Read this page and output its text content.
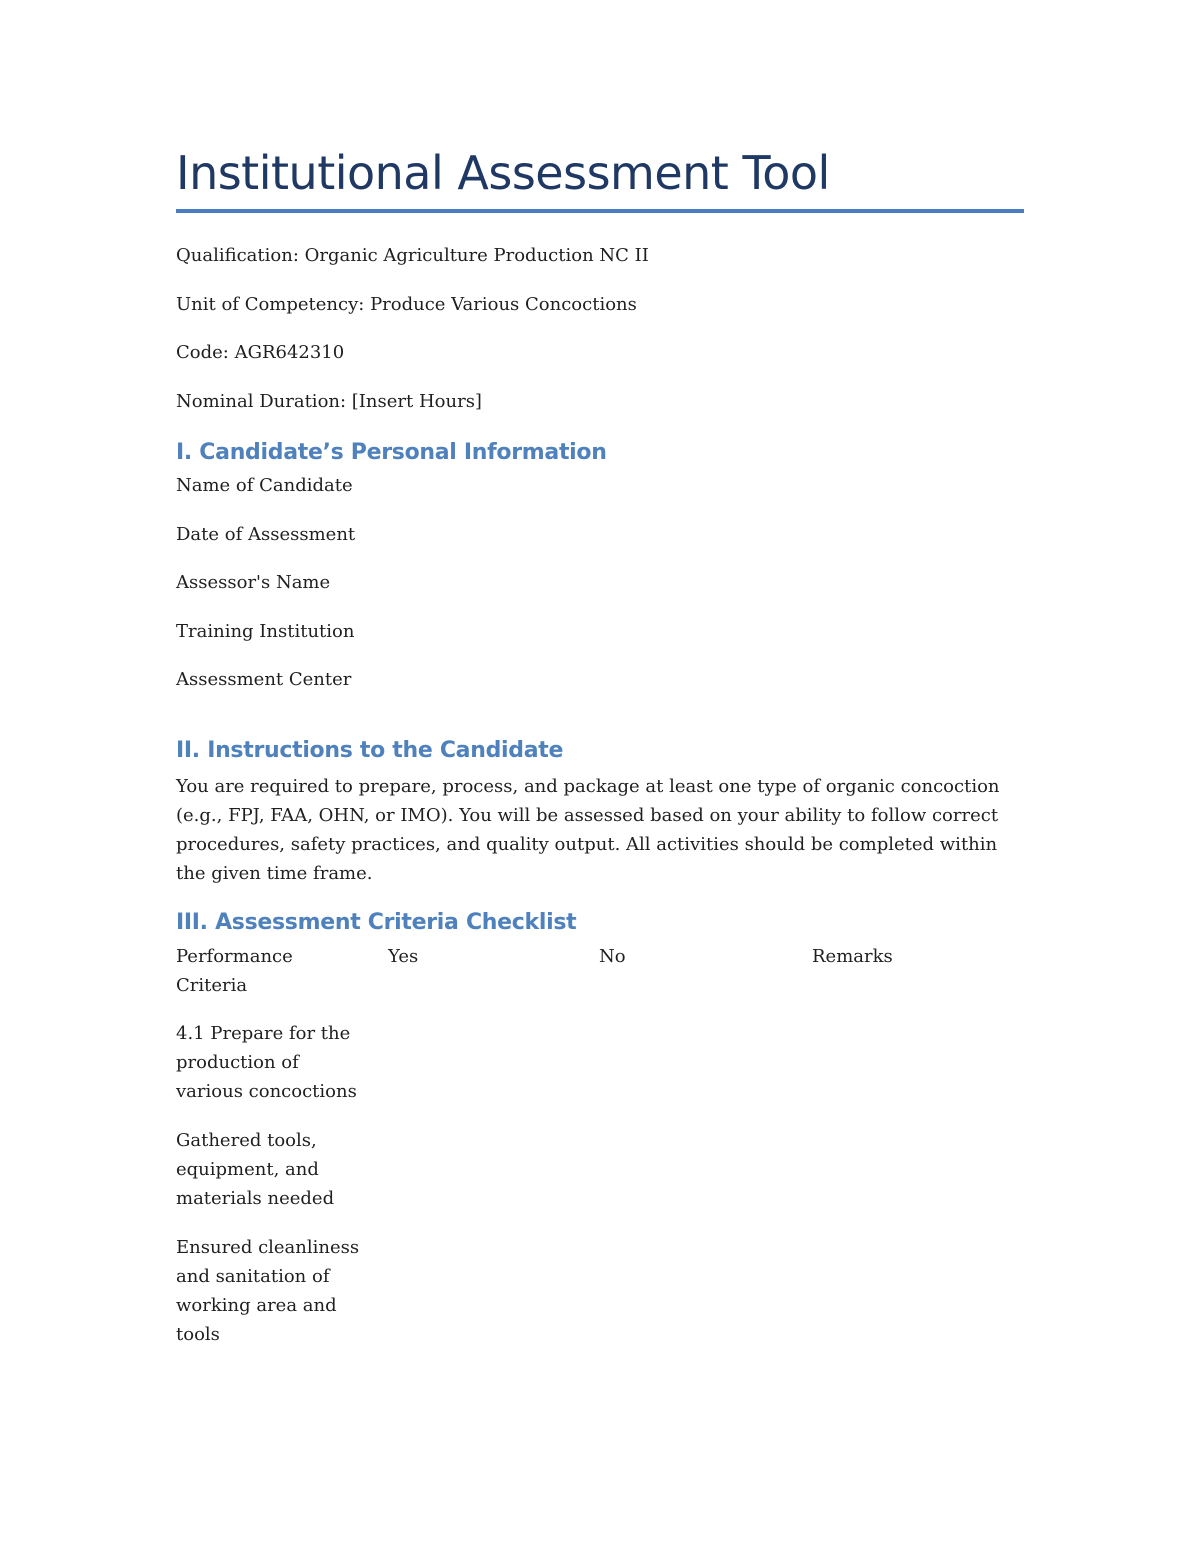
Institutional Assessment Tool
Qualification: Organic Agriculture Production NC II
Unit of Competency: Produce Various Concoctions
Code: AGR642310
Nominal Duration: [Insert Hours]
I. Candidate’s Personal Information
Name of Candidate
Date of Assessment
Assessor's Name
Training Institution
Assessment Center
II. Instructions to the Candidate
You are required to prepare, process, and package at least one type of organic concoction (e.g., FPJ, FAA, OHN, or IMO). You will be assessed based on your ability to follow correct procedures, safety practices, and quality output. All activities should be completed within the given time frame.
III. Assessment Criteria Checklist
Performance Criteria
Yes	No	Remarks
4.1 Prepare for the production of various concoctions
Gathered tools, equipment, and materials needed
Ensured cleanliness and sanitation of working area and tools
